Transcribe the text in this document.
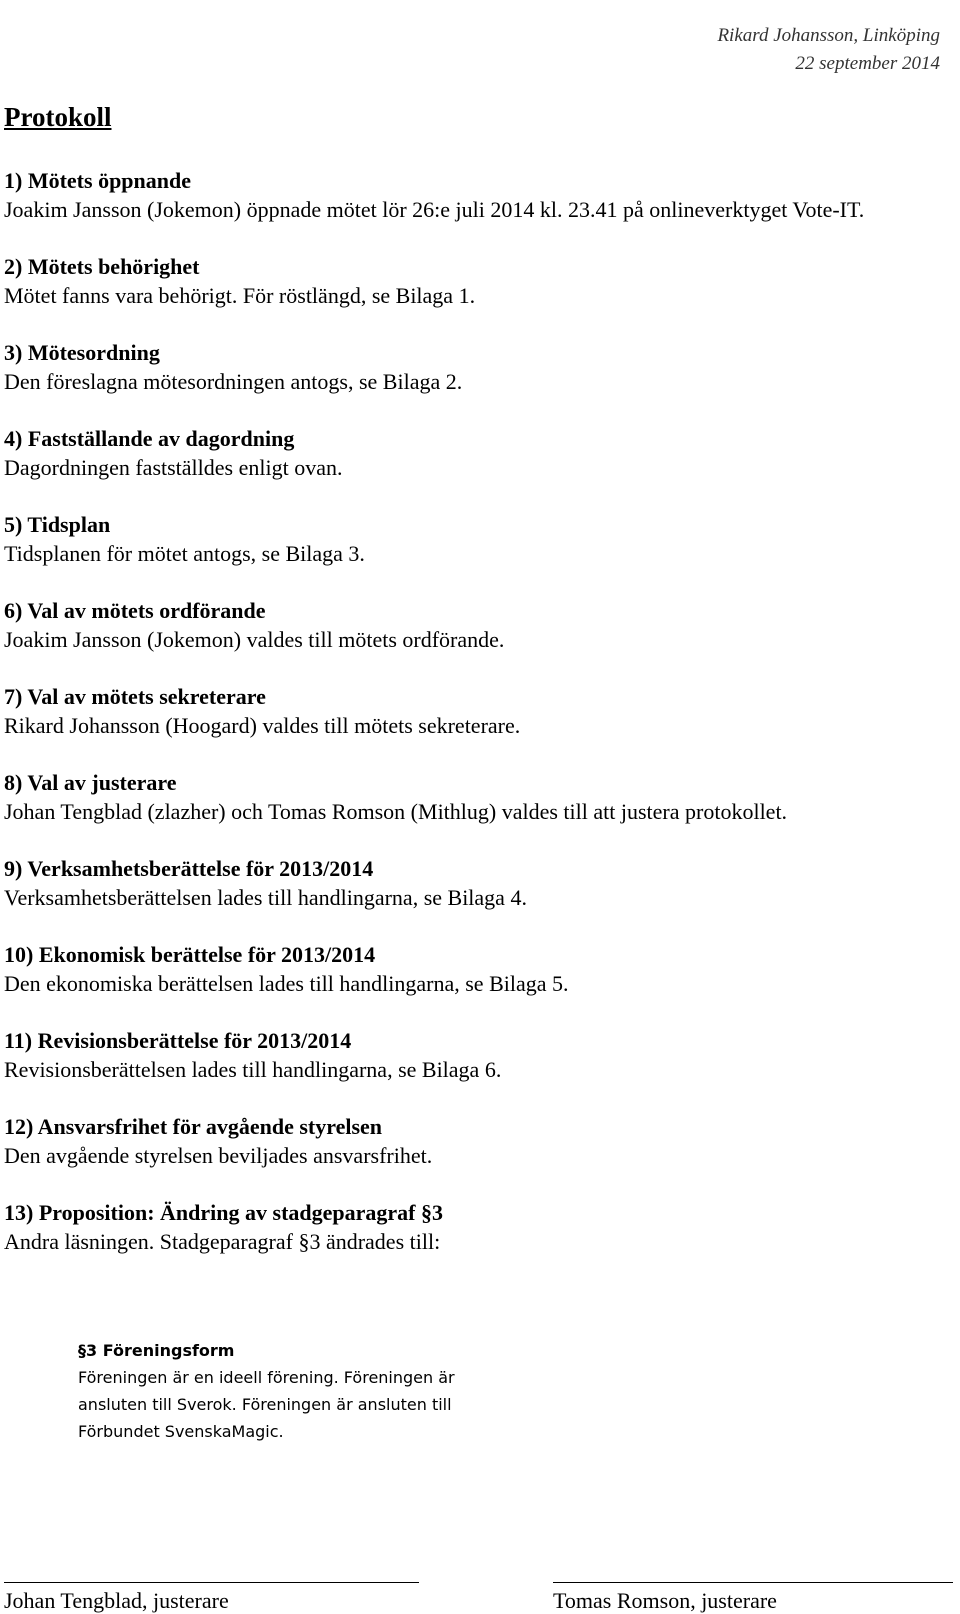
Rikard Johansson, Linköping
22 september 2014
Protokoll
1) Mötets öppnande
Joakim Jansson (Jokemon) öppnade mötet lör 26:e juli 2014 kl. 23.41 på onlineverktyget Vote-IT.
2) Mötets behörighet
Mötet fanns vara behörigt. För röstlängd, se Bilaga 1.
3) Mötesordning
Den föreslagna mötesordningen antogs, se Bilaga 2.
4) Fastställande av dagordning
Dagordningen fastställdes enligt ovan.
5) Tidsplan
Tidsplanen för mötet antogs, se Bilaga 3.
6) Val av mötets ordförande
Joakim Jansson (Jokemon) valdes till mötets ordförande.
7) Val av mötets sekreterare
Rikard Johansson (Hoogard) valdes till mötets sekreterare.
8) Val av justerare
Johan Tengblad (zlazher) och Tomas Romson (Mithlug) valdes till att justera protokollet.
9) Verksamhetsberättelse för 2013/2014
Verksamhetsberättelsen lades till handlingarna, se Bilaga 4.
10) Ekonomisk berättelse för 2013/2014
Den ekonomiska berättelsen lades till handlingarna, se Bilaga 5.
11) Revisionsberättelse för 2013/2014
Revisionsberättelsen lades till handlingarna, se Bilaga 6.
12) Ansvarsfrihet för avgående styrelsen
Den avgående styrelsen beviljades ansvarsfrihet.
13) Proposition: Ändring av stadgeparagraf §3
Andra läsningen. Stadgeparagraf §3 ändrades till:
§3 Föreningsform
Föreningen är en ideell förening. Föreningen är
ansluten till Sverok. Föreningen är ansluten till
Förbundet SvenskaMagic.
Johan Tengblad, justerare	Tomas Romson, justerare
